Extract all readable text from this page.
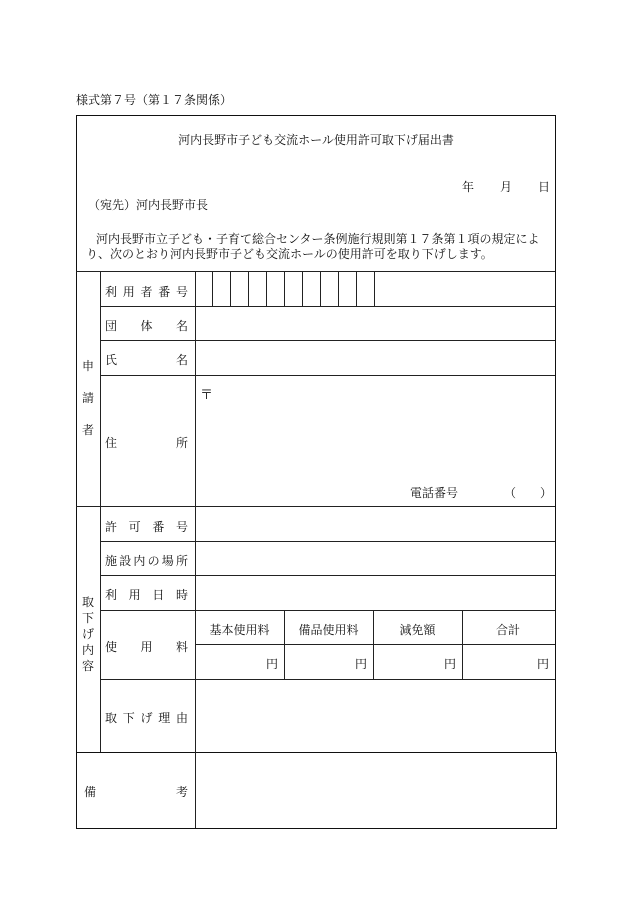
様式第７号（第１７条関係）
河内長野市子ども交流ホール使用許可取下げ届出書
年 月 日
（宛先）河内長野市長
河内長野市立子ども・子育て総合センター条例施行規則第１７条第１項の規定により、次のとおり河内長野市子ども交流ホールの使用許可を取り下げします。
申
請
者
取
下
げ
内
容
利用者番号
団体名
氏名
住所
〒
電話番号	（　　）
許可番号
施設内の場所
利用日時
使用料
取下げ理由
基本使用料	備品使用料	減免額	合計
円	円	円	円
備	考
